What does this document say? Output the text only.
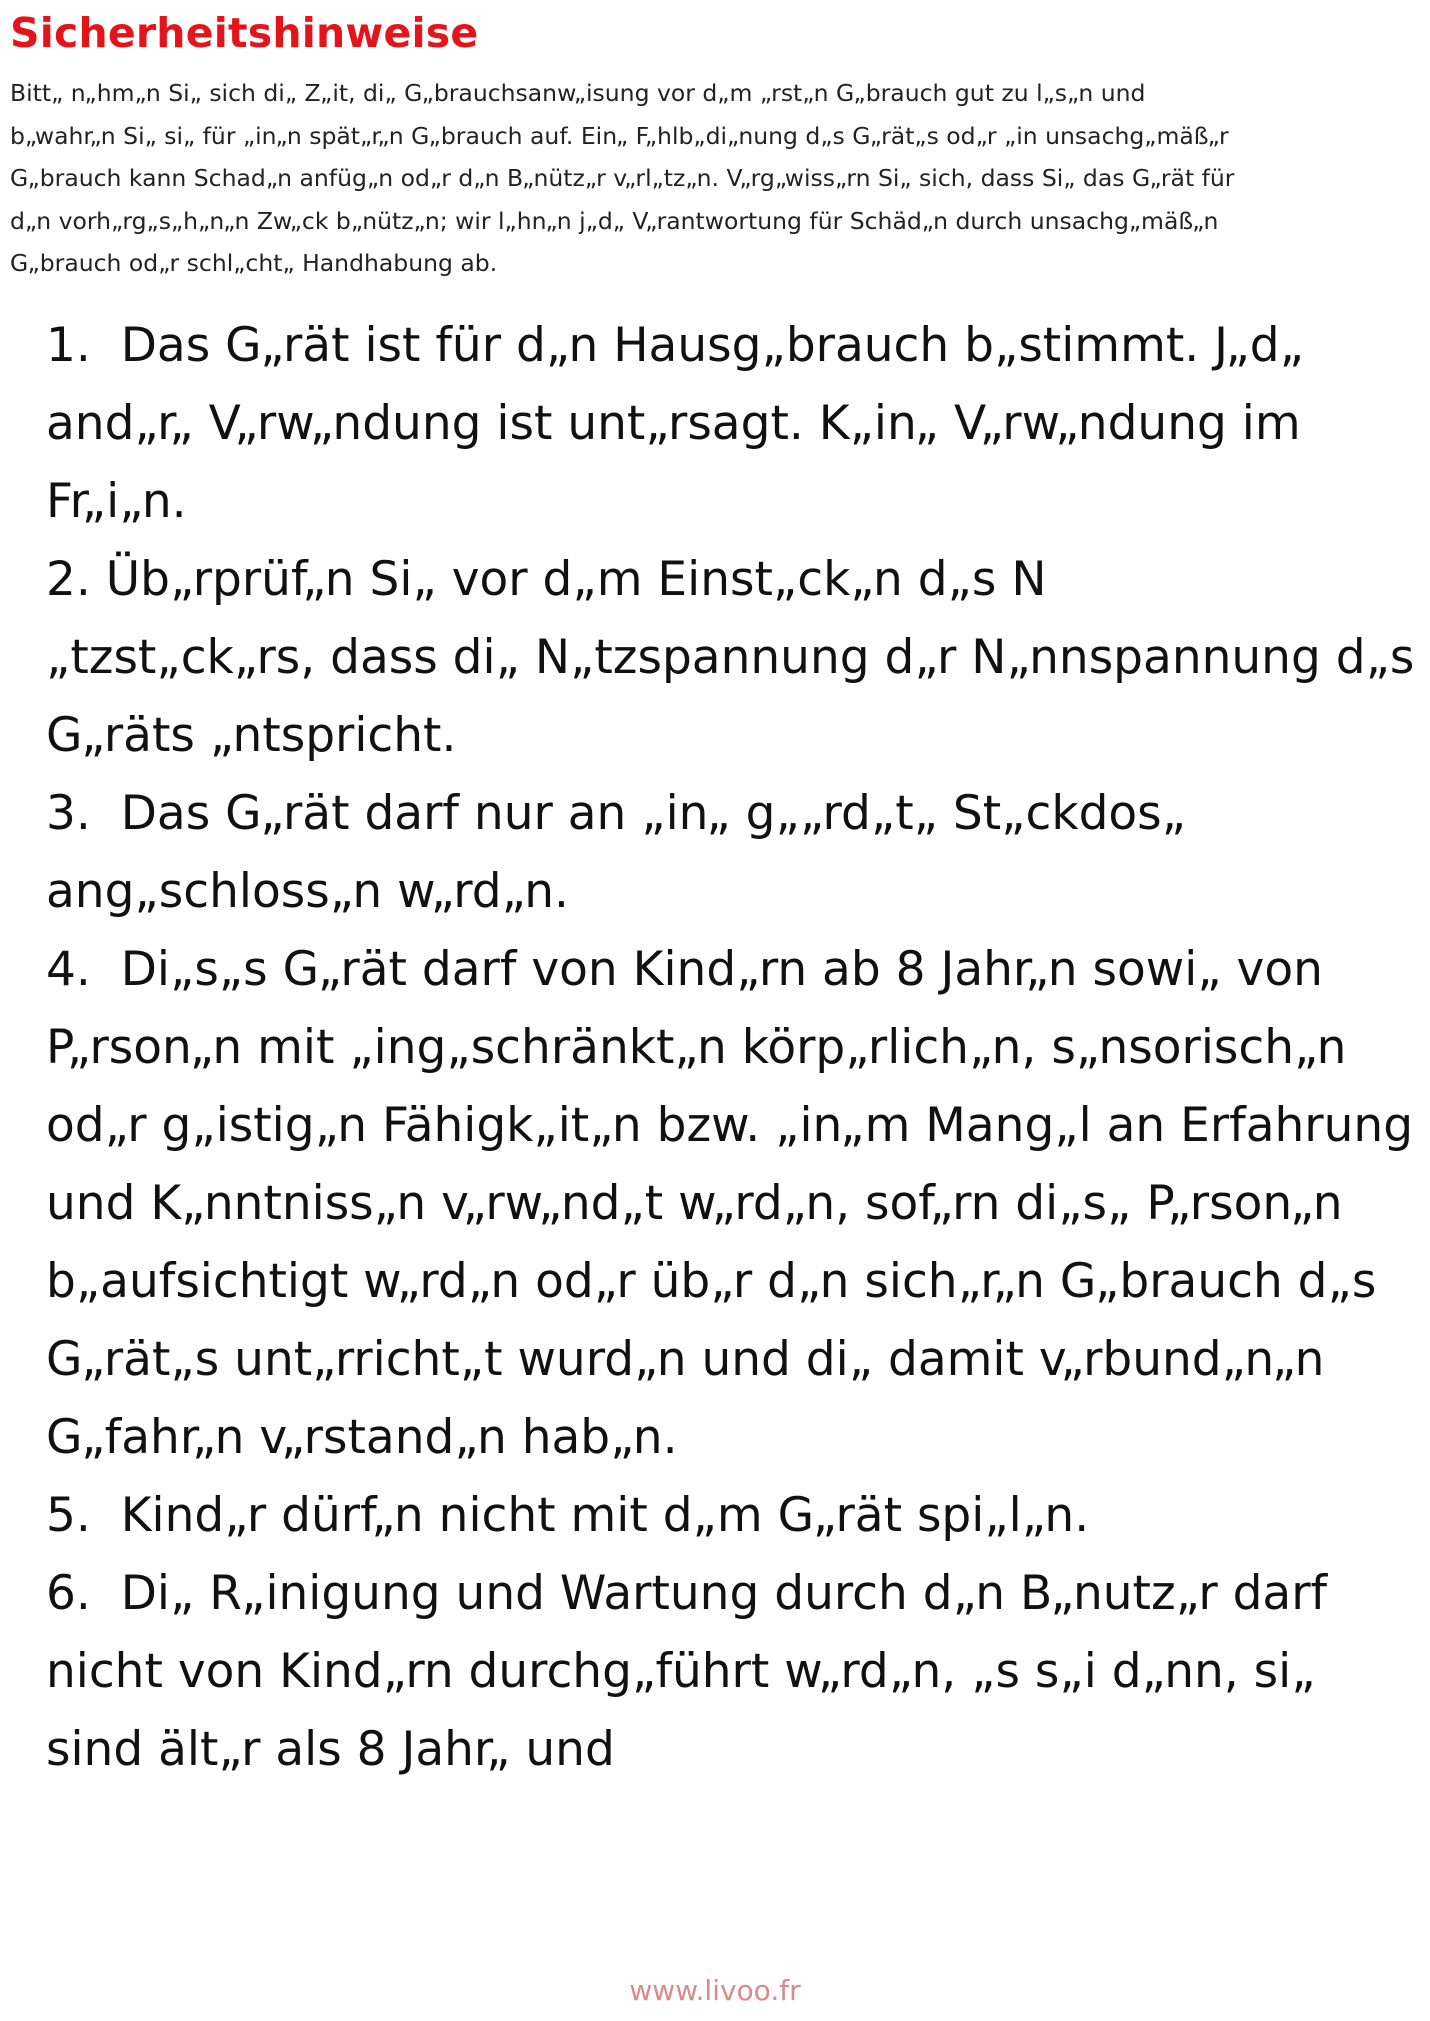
Sicherheitshinweise

Bitt„ n„hm„n Si„ sich di„ Z„it, di„ G„brauchsanw„isung vor d„m „rst„n G„brauch gut zu l„s„n und b„wahr„n Si„ si„ für „in„n spät„r„n G„brauch auf. Ein„ F„hlb„di„nung d„s G„rät„s od„r „in unsachg„mäß„r G„brauch kann Schad„n anfüg„n od„r d„n B„nütz„r v„rl„tz„n. V„rg„wiss„rn Si„ sich, dass Si„ das G„rät für d„n vorh„rg„s„h„n„n Zw„ck b„nütz„n; wir l„hn„n j„d„ V„rantwortung für Schäd„n durch unsachg„mäß„n G„brauch od„r schl„cht„ Handhabung ab.

1.  Das G„rät ist für d„n Hausg„brauch b„stimmt. J„d„ and„r„ V„rw„ndung ist unt„rsagt. K„in„ V„rw„ndung im Fr„i„n.
2. Üb„rprüf„n Si„ vor d„m Einst„ck„n d„s N       „tzst„ck„rs, dass di„ N„tzspannung d„r N„nnspannung d„s G„räts „ntspricht.
3.  Das G„rät darf nur an „in„ g„„rd„t„ St„ckdos„ ang„schloss„n w„rd„n.
4.  Di„s„s G„rät darf von Kind„rn ab 8 Jahr„n sowi„ von P„rson„n mit „ing„schränkt„n körp„rlich„n, s„nsorisch„n od„r g„istig„n Fähigk„it„n bzw. „in„m Mang„l an Erfahrung und K„nntniss„n v„rw„nd„t w„rd„n, sof„rn di„s„ P„rson„n b„aufsichtigt w„rd„n od„r üb„r d„n sich„r„n G„brauch d„s G„rät„s unt„rricht„t wurd„n und di„ damit v„rbund„n„n G„fahr„n v„rstand„n hab„n.
5.  Kind„r dürf„n nicht mit d„m G„rät spi„l„n.
6.  Di„ R„inigung und Wartung durch d„n B„nutz„r darf nicht von Kind„rn durchg„führt w„rd„n, „s s„i d„nn, si„ sind ält„r als 8 Jahr„ und
www.livoo.fr
